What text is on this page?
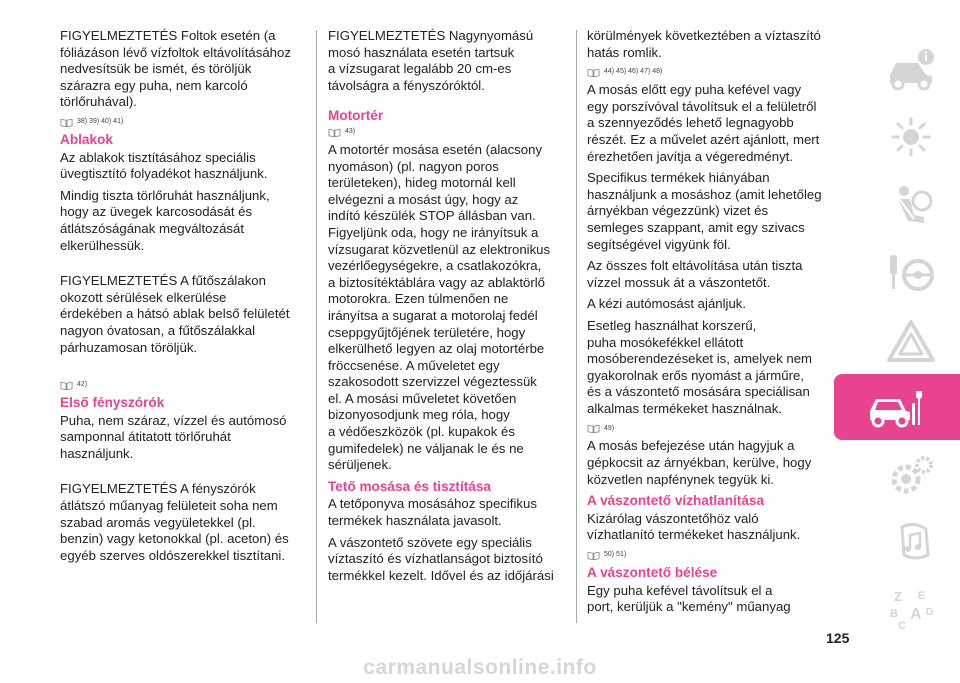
FIGYELMEZTETÉS Foltok esetén (a
fóliázáson lévő vízfoltok eltávolításához
nedvesítsük be ismét, és töröljük
szárazra egy puha, nem karcoló
törlőruhával).

38) 39) 40) 41)
Ablakok

Az ablakok tisztításához speciális
üvegtisztító folyadékot használjunk.

Mindig tiszta törlőruhát használjunk,
hogy az üvegek karcosodását és
átlátszóságának megváltozását
elkerülhessük.

FIGYELMEZTETÉS A fűtőszálakon
okozott sérülések elkerülése
érdekében a hátsó ablak belső felületét
nagyon óvatosan, a fűtőszálakkal
párhuzamosan töröljük.

42)
Első fényszórók

Puha, nem száraz, vízzel és autómosó
samponnal átitatott törlőruhát
használjunk.

FIGYELMEZTETÉS A fényszórók
átlátszó műanyag felületeit soha nem
szabad aromás vegyületekkel (pl.
benzin) vagy ketonokkal (pl. aceton) és
egyéb szerves oldószerekkel tisztítani.

FIGYELMEZTETÉS Nagynyomású
mosó használata esetén tartsuk
a vízsugarat legalább 20 cm-es
távolságra a fényszóróktól.

Motortér
43)

A motortér mosása esetén (alacsony
nyomáson) (pl. nagyon poros
területeken), hideg motornál kell
elvégezni a mosást úgy, hogy az
indító készülék STOP állásban van.
Figyeljünk oda, hogy ne irányítsuk a
vízsugarat közvetlenül az elektronikus
vezérlőegységekre, a csatlakozókra,
a biztosítéktáblára vagy az ablaktörlő
motorokra. Ezen túlmenően ne
irányítsa a sugarat a motorolaj fedél
cseppgyűjtőjének területére, hogy
elkerülhető legyen az olaj motortérbe
fröccsenése. A műveletet egy
szakosodott szervizzel végeztessük
el. A mosási műveletet követően
bizonyosodjunk meg róla, hogy
a védőeszközök (pl. kupakok és
gumifedelek) ne váljanak le és ne
sérüljenek.

Tető mosása és tisztítása

A tetőponyva mosásához specifikus
termékek használata javasolt.

A vászontető szövete egy speciális
víztaszító és vízhatlanságot biztosító
termékkel kezelt. Idővel és az időjárási

körülmények következtében a víztaszító
hatás romlik.

44) 45) 46) 47) 48)

A mosás előtt egy puha kefével vagy
egy porszívóval távolítsuk el a felületről
a szennyeződés lehető legnagyobb
részét. Ez a művelet azért ajánlott, mert
érezhetően javítja a végeredményt.

Specifikus termékek hiányában
használjunk a mosáshoz (amit lehetőleg
árnyékban végezzünk) vizet és
semleges szappant, amit egy szivacs
segítségével vigyünk föl.

Az összes folt eltávolítása után tiszta
vízzel mossuk át a vászontetőt.

A kézi autómosást ajánljuk.

Esetleg használhat korszerű,
puha mosókefékkel ellátott
mosóberendezéseket is, amelyek nem
gyakorolnak erős nyomást a járműre,
és a vászontető mosására speciálisan
alkalmas termékeket használnak.

49)

A mosás befejezése után hagyjuk a
gépkocsit az árnyékban, kerülve, hogy
közvetlen napfénynek tegyük ki.

A vászontető vízhatlanítása

Kizárólag vászontetőhöz való
vízhatlanító termékeket használjunk.

50) 51)
A vászontető bélése

Egy puha kefével távolítsuk el a
port, kerüljük a "kemény" műanyag

Z E
B A D
C
125
carmanualsonline.info
